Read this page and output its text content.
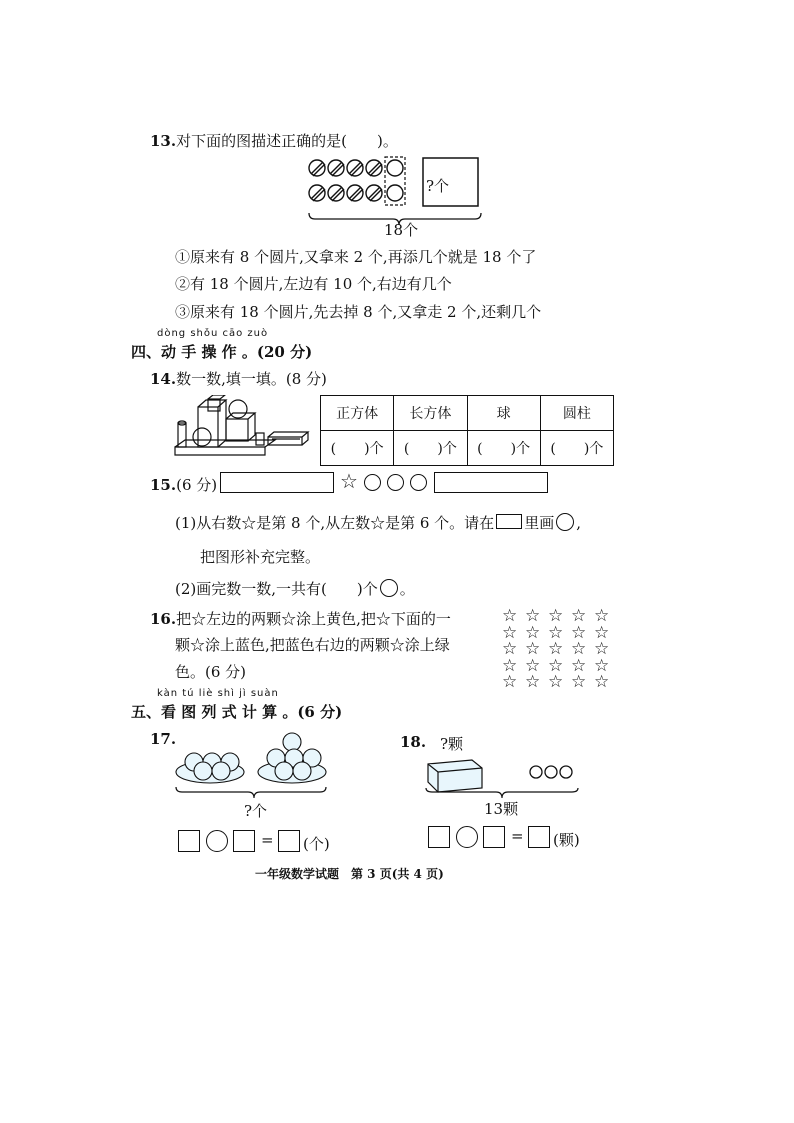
13.对下面的图描述正确的是(　　)。
?个
18个
①原来有 8 个圆片,又拿来 2 个,再添几个就是 18 个了
②有 18 个圆片,左边有 10 个,右边有几个
③原来有 18 个圆片,先去掉 8 个,又拿走 2 个,还剩几个
dòng shǒu cāo zuò
四、动 手 操 作 。(20 分)
14.数一数,填一填。(8 分)
正方体	长方体	球	圆柱
(　　)个	(　　)个	(　　)个	(　　)个
15.(6 分)	☆
(1)从右数☆是第 8 个,从左数☆是第 6 个。请在 里画 ,
把图形补充完整。
(2)画完数一数,一共有(　　)个 。
16.把☆左边的两颗☆涂上黄色,把☆下面的一
颗☆涂上蓝色,把蓝色右边的两颗☆涂上绿
色。(6 分)
☆ ☆ ☆ ☆ ☆
☆ ☆ ☆ ☆ ☆
☆ ☆ ☆ ☆ ☆
☆ ☆ ☆ ☆ ☆
☆ ☆ ☆ ☆ ☆
kàn tú liè shì jì suàn
五、看 图 列 式 计 算 。(6 分)
17.
?个
= (个)
18. ?颗
13颗
= (颗)
一年级数学试题　第 3 页(共 4 页)
